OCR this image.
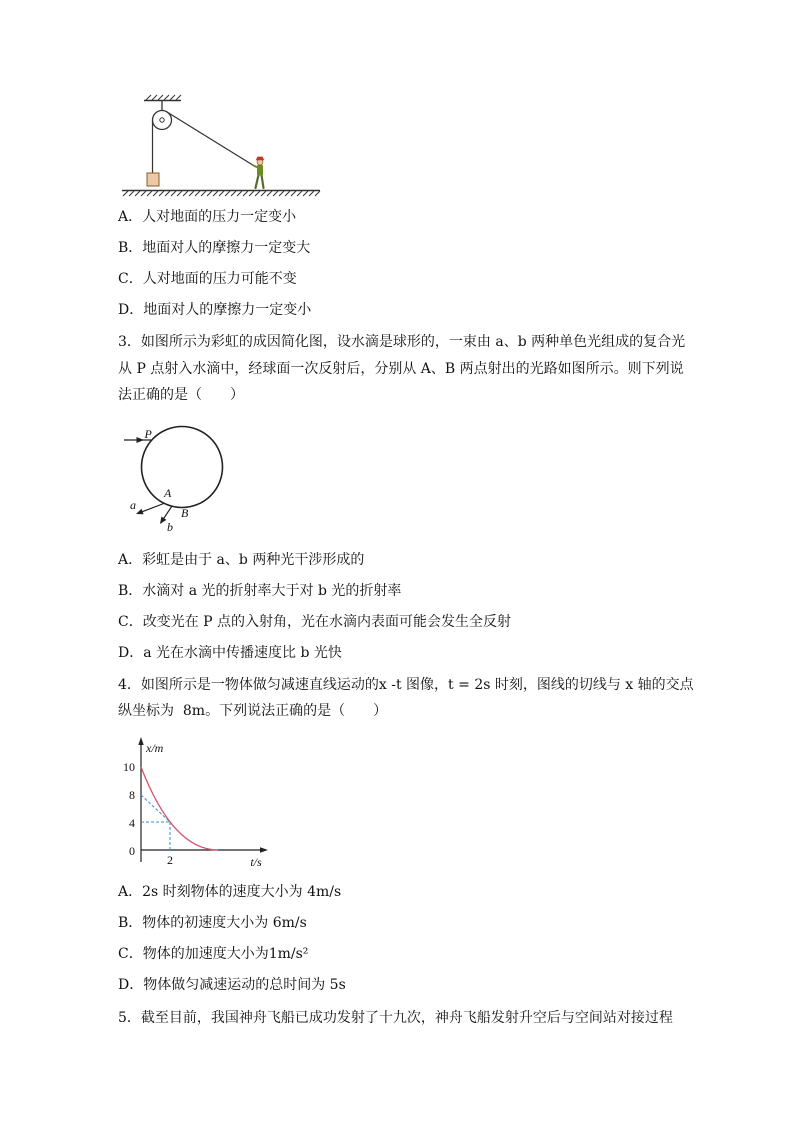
A．人对地面的压力一定变小
B．地面对人的摩擦力一定变大
C．人对地面的压力可能不变
D．地面对人的摩擦力一定变小
3．如图所示为彩虹的成因简化图，设水滴是球形的，一束由 a、b 两种单色光组成的复合光
从 P 点射入水滴中，经球面一次反射后，分别从 A、B 两点射出的光路如图所示。则下列说
法正确的是（　　）
P
A
B
a
b
A．彩虹是由于 a、b 两种光干涉形成的
B．水滴对 a 光的折射率大于对 b 光的折射率
C．改变光在 P 点的入射角，光在水滴内表面可能会发生全反射
D．a 光在水滴中传播速度比 b 光快
4．如图所示是一物体做匀减速直线运动的x -t 图像，t = 2s 时刻，图线的切线与 x 轴的交点
纵坐标为  8m。下列说法正确的是（　　）
x/m
10
8
4
0
2	t/s
A．2s 时刻物体的速度大小为 4m/s
B．物体的初速度大小为 6m/s
C．物体的加速度大小为1m/s²
D．物体做匀减速运动的总时间为 5s
5．截至目前，我国神舟飞船已成功发射了十九次，神舟飞船发射升空后与空间站对接过程
